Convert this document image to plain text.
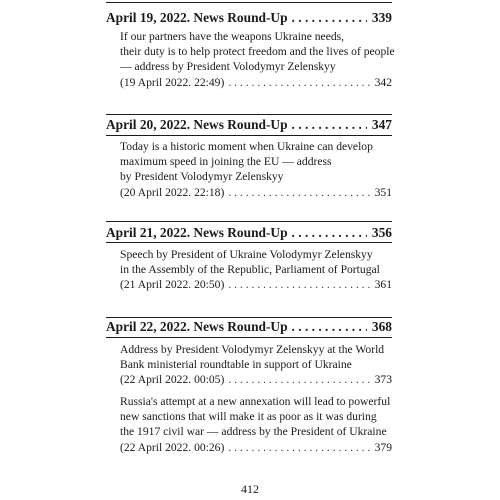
April 19, 2022. News Round-Up . . .	339
If our partners have the weapons Ukraine needs,
their duty is to help protect freedom and the lives of people
— address by President Volodymyr Zelenskyy
(19 April 2022. 22:49) . . .	342
April 20, 2022. News Round-Up . . .	347
Today is a historic moment when Ukraine can develop
maximum speed in joining the EU — address
by President Volodymyr Zelenskyy
(20 April 2022. 22:18) . . .	351
April 21, 2022. News Round-Up . . .	356
Speech by President of Ukraine Volodymyr Zelenskyy
in the Assembly of the Republic, Parliament of Portugal
(21 April 2022. 20:50) . . .	361
April 22, 2022. News Round-Up . . .	368
Address by President Volodymyr Zelenskyy at the World
Bank ministerial roundtable in support of Ukraine
(22 April 2022. 00:05) . . .	373
Russia's attempt at a new annexation will lead to powerful
new sanctions that will make it as poor as it was during
the 1917 civil war — address by the President of Ukraine
(22 April 2022. 00:26) . . .	379
412
